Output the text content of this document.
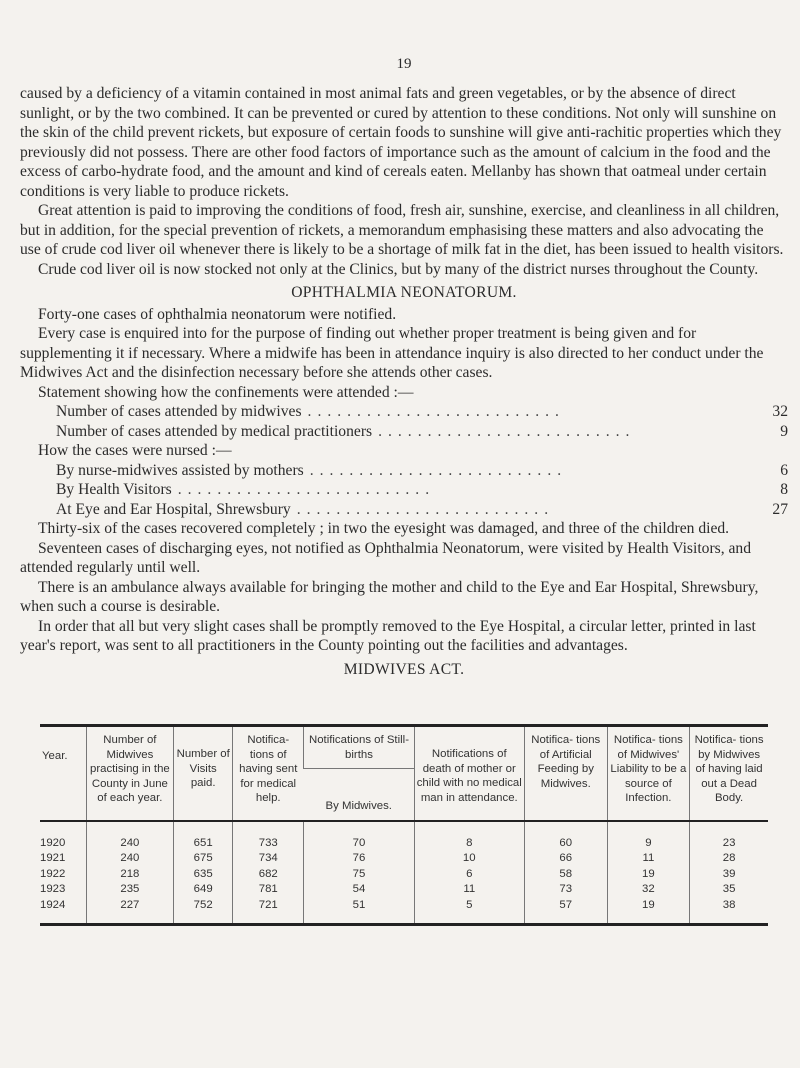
19

caused by a deficiency of a vitamin contained in most animal fats and green vegetables, or by the absence of direct sunlight, or by the two combined. It can be prevented or cured by attention to these conditions. Not only will sunshine on the skin of the child prevent rickets, but exposure of certain foods to sunshine will give anti-rachitic properties which they previously did not possess. There are other food factors of importance such as the amount of calcium in the food and the excess of carbo-hydrate food, and the amount and kind of cereals eaten. Mellanby has shown that oatmeal under certain conditions is very liable to produce rickets.

Great attention is paid to improving the conditions of food, fresh air, sunshine, exercise, and cleanliness in all children, but in addition, for the special prevention of rickets, a memorandum emphasising these matters and also advocating the use of crude cod liver oil whenever there is likely to be a shortage of milk fat in the diet, has been issued to health visitors.

Crude cod liver oil is now stocked not only at the Clinics, but by many of the district nurses throughout the County.

OPHTHALMIA NEONATORUM.

Forty-one cases of ophthalmia neonatorum were notified.

Every case is enquired into for the purpose of finding out whether proper treatment is being given and for supplementing it if necessary. Where a midwife has been in attendance inquiry is also directed to her conduct under the Midwives Act and the disinfection necessary before she attends other cases.

Statement showing how the confinements were attended :—
Number of cases attended by midwives ..........................	32
Number of cases attended by medical practitioners ..........................	9
How the cases were nursed :—
By nurse-midwives assisted by mothers ..........................	6
By Health Visitors ..........................	8
At Eye and Ear Hospital, Shrewsbury ..........................	27

Thirty-six of the cases recovered completely ; in two the eyesight was damaged, and three of the children died.

Seventeen cases of discharging eyes, not notified as Ophthalmia Neonatorum, were visited by Health Visitors, and attended regularly until well.

There is an ambulance always available for bringing the mother and child to the Eye and Ear Hospital, Shrewsbury, when such a course is desirable.

In order that all but very slight cases shall be promptly removed to the Eye Hospital, a circular letter, printed in last year's report, was sent to all practitioners in the County pointing out the facilities and advantages.

MIDWIVES ACT.
Year.	Number of Midwives practising in the County in June of each year.	Number of Visits paid.	Notifica- tions of having sent for medical help.	Notifications of Still-births	Notifications of death of mother or child with no medical man in attendance.	Notifica- tions of Artificial Feeding by Midwives.	Notifica- tions of Midwives' Liability to be a source of Infection.	Notifica- tions by Midwives of having laid out a Dead Body.
				By Midwives.				
1920	240	651	733	70	8	60	9	23
1921	240	675	734	76	10	66	11	28
1922	218	635	682	75	6	58	19	39
1923	235	649	781	54	11	73	32	35
1924	227	752	721	51	5	57	19	38
